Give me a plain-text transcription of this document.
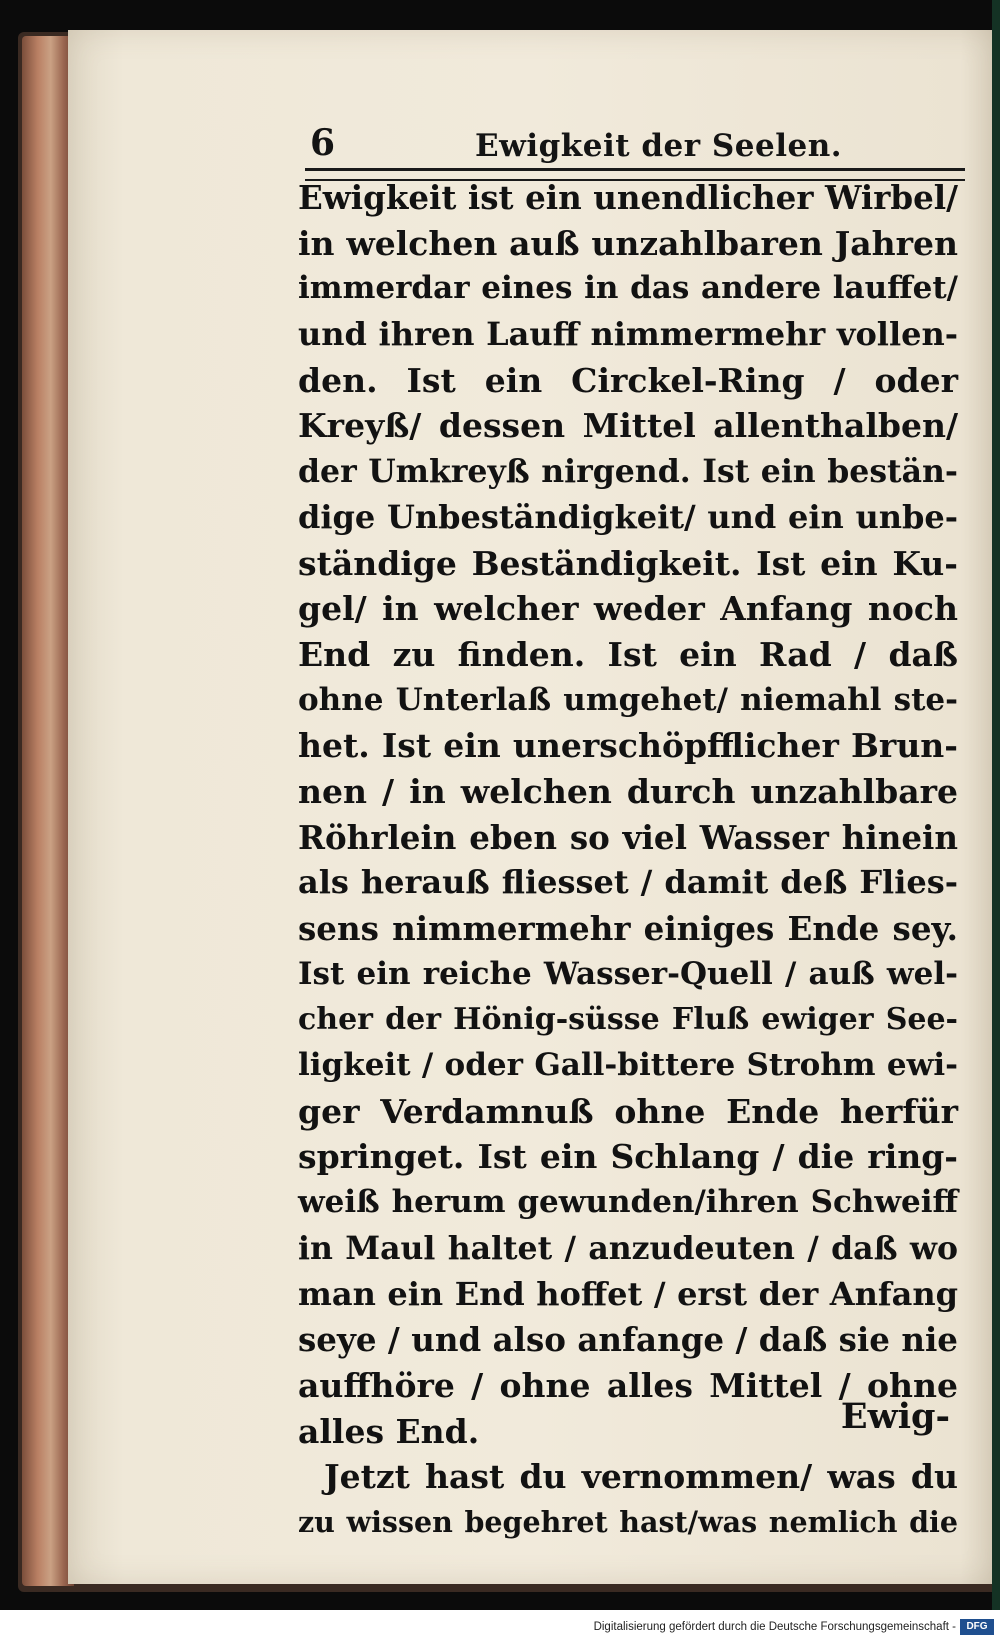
6	Ewigkeit der Seelen.
Ewigkeit ist ein unendlicher Wirbel/
in welchen auß unzahlbaren Jahren
immerdar eines in das andere lauffet/
und ihren Lauff nimmermehr vollen-
den. Ist ein Circkel-Ring / oder
Kreyß/ dessen Mittel allenthalben/
der Umkreyß nirgend. Ist ein bestän-
dige Unbeständigkeit/ und ein unbe-
ständige Beständigkeit. Ist ein Ku-
gel/ in welcher weder Anfang noch
End zu finden. Ist ein Rad / daß
ohne Unterlaß umgehet/ niemahl ste-
het. Ist ein unerschöpfflicher Brun-
nen / in welchen durch unzahlbare
Röhrlein eben so viel Wasser hinein
als herauß fliesset / damit deß Flies-
sens nimmermehr einiges Ende sey.
Ist ein reiche Wasser-Quell / auß wel-
cher der Hönig-süsse Fluß ewiger See-
ligkeit / oder Gall-bittere Strohm ewi-
ger Verdamnuß ohne Ende herfür
springet. Ist ein Schlang / die ring-
weiß herum gewunden/ihren Schweiff
in Maul haltet / anzudeuten / daß wo
man ein End hoffet / erst der Anfang
seye / und also anfange / daß sie nie
auffhöre / ohne alles Mittel / ohne
alles End.
Jetzt hast du vernommen/ was du
zu wissen begehret hast/was nemlich die
Ewig-
Digitalisierung gefördert durch die Deutsche Forschungsgemeinschaft -	DFG
